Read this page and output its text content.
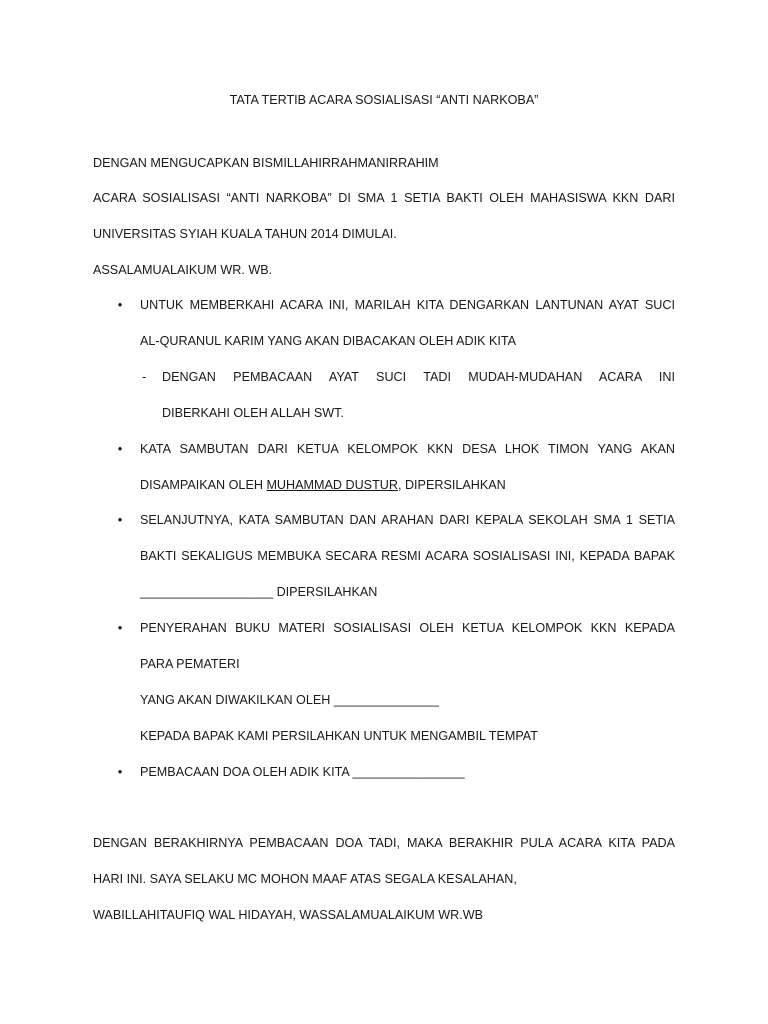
TATA TERTIB ACARA SOSIALISASI “ANTI NARKOBA”
DENGAN MENGUCAPKAN BISMILLAHIRRAHMANIRRAHIM
ACARA SOSIALISASI “ANTI NARKOBA” DI SMA 1 SETIA BAKTI OLEH MAHASISWA KKN DARI
UNIVERSITAS SYIAH KUALA TAHUN 2014 DIMULAI.
ASSALAMUALAIKUM WR. WB.
• UNTUK MEMBERKAHI ACARA INI, MARILAH KITA DENGARKAN LANTUNAN AYAT SUCI
AL-QURANUL KARIM YANG AKAN DIBACAKAN OLEH ADIK KITA
- DENGAN PEMBACAAN AYAT SUCI TADI MUDAH-MUDAHAN ACARA INI
DIBERKAHI OLEH ALLAH SWT.
• KATA SAMBUTAN DARI KETUA KELOMPOK KKN DESA LHOK TIMON YANG AKAN
DISAMPAIKAN OLEH MUHAMMAD DUSTUR, DIPERSILAHKAN
• SELANJUTNYA, KATA SAMBUTAN DAN ARAHAN DARI KEPALA SEKOLAH SMA 1 SETIA
BAKTI SEKALIGUS MEMBUKA SECARA RESMI ACARA SOSIALISASI INI, KEPADA BAPAK
___________________ DIPERSILAHKAN
• PENYERAHAN BUKU MATERI SOSIALISASI OLEH KETUA KELOMPOK KKN KEPADA
PARA PEMATERI
YANG AKAN DIWAKILKAN OLEH _______________
KEPADA BAPAK KAMI PERSILAHKAN UNTUK MENGAMBIL TEMPAT
• PEMBACAAN DOA OLEH ADIK KITA ________________
DENGAN BERAKHIRNYA PEMBACAAN DOA TADI, MAKA BERAKHIR PULA ACARA KITA PADA
HARI INI. SAYA SELAKU MC MOHON MAAF ATAS SEGALA KESALAHAN,
WABILLAHITAUFIQ WAL HIDAYAH, WASSALAMUALAIKUM WR.WB
